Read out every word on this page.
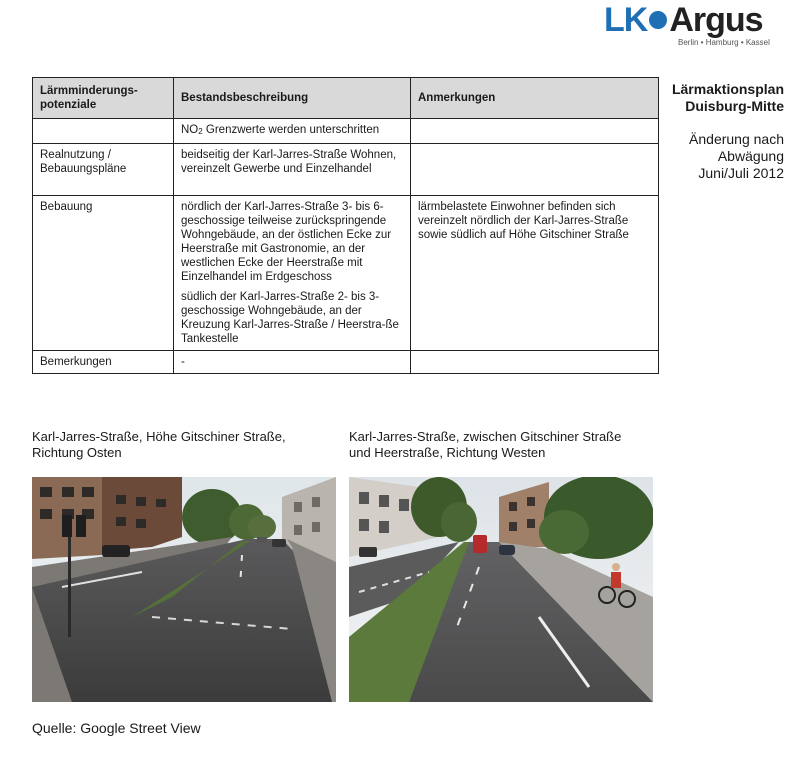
LK Argus
Berlin • Hamburg • Kassel
Lärmaktionsplan
Duisburg-Mitte
Änderung nach
Abwägung
Juni/Juli 2012
Lärmminderungs-potenziale	Bestandsbeschreibung	Anmerkungen
	NO2 Grenzwerte werden unterschritten	
Realnutzung / Bebauungspläne	beidseitig der Karl-Jarres-Straße Wohnen, vereinzelt Gewerbe und Einzelhandel	
Bebauung	nördlich der Karl-Jarres-Straße 3- bis 6-geschossige teilweise zurückspringende Wohngebäude, an der östlichen Ecke zur Heerstraße mit Gastronomie, an der westlichen Ecke der Heerstraße mit Einzelhandel im Erdgeschoss

südlich der Karl-Jarres-Straße 2- bis 3-geschossige Wohngebäude, an der Kreuzung Karl-Jarres-Straße / Heerstra-ße Tankestelle	lärmbelastete Einwohner befinden sich vereinzelt nördlich der Karl-Jarres-Straße sowie südlich auf Höhe Gitschiner Straße
Bemerkungen	-	
Karl-Jarres-Straße, Höhe Gitschiner Straße,
Richtung Osten
Karl-Jarres-Straße, zwischen Gitschiner Straße
und Heerstraße, Richtung Westen
Quelle: Google Street View
